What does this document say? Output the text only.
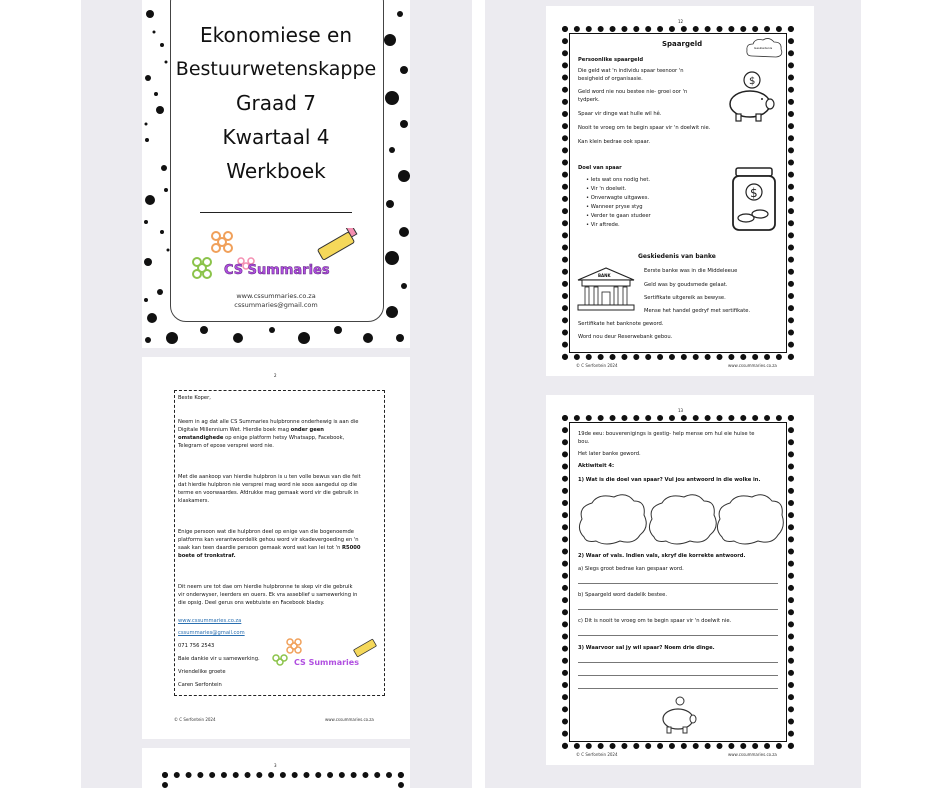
Ekonomiese en
Bestuurwetenskappe
Graad 7
Kwartaal 4
Werkboek
CS Summaries
www.cssummaries.co.za
cssummaries@gmail.com
2
Beste Koper,
Neem in ag dat alle CS Summaries hulpbronne onderhewig is aan die
Digitale Millennium Wet. Hierdie boek mag onder geen
omstandighede op enige platform hetsy Whatsapp, Facebook,
Telegram of epose versprei word nie.
Met die aankoop van hierdie hulpbron is u ten volle bewus van die feit
dat hierdie hulpbron nie versprei mag word nie soos aangedui op die
terme en voorwaardes. Afdrukke mag gemaak word vir die gebruik in
klaskamers.
Enige persoon wat die hulpbron deel op enige van die bogenoemde
platforms kan verantwoordelik gehou word vir skadevergoeding en 'n
saak kan teen daardie persoon gemaak word wat kan lei tot 'n R5000
boete of tronkstraf.
Dit neem ure tot dae om hierdie hulpbronne te skep vir die gebruik
vir onderwyser, leerders en ouers. Ek vra asseblief u samewerking in
die opsig. Deel gerus ons webtuiste en Facebook bladsy.
www.cssummaries.co.za
cssummaries@gmail.com
071 756 2543
Baie dankie vir u samewerking.
Vriendelike groete
Caren Serfontein
CS Summaries
© C Serfontein 2024	www.cssummaries.co.za
3
12
Spaargeld	Geskiedenis
Persoonlike spaargeld
Die geld wat 'n individu spaar teenoor 'n
besigheid of organisasie.
Geld word nie nou bestee nie- groei oor 'n
tydperk.
Spaar vir dinge wat hulle wil hê.
Nooit te vroeg om te begin spaar vir 'n doelwit nie.
Kan klein bedrae ook spaar.
$
Doel van spaar
• Iets wat ons nodig het.
• Vir 'n doelwit.
• Onverwagte uitgawes.
• Wanneer pryse styg
• Verder te gaan studeer
• Vir aftrede.
$
Geskiedenis van banke
BANK
Eerste banke was in die Middeleeue
Geld was by goudsmede gelaat.
Sertifikate uitgereik as bewyse.
Mense het handel gedryf met sertifikate.
Sertifikate het banknote geword.
Word nou deur Reserwebank gebou.
© C Serfontein 2024	www.cssummaries.co.za
13
19de eeu: bouverenigings is gestig- help mense om hul eie huise te
bou.
Het later banke geword.
Aktiwiteit 4:
1) Wat is die doel van spaar? Vul jou antwoord in die wolke in.
2) Waar of vals. Indien vals, skryf die korrekte antwoord.
a) Slegs groot bedrae kan gespaar word.
b) Spaargeld word dadelik bestee.
c) Dit is nooit te vroeg om te begin spaar vir 'n doelwit nie.
3) Waarvoor sal jy wil spaar? Noem drie dinge.
© C Serfontein 2024	www.cssummaries.co.za
